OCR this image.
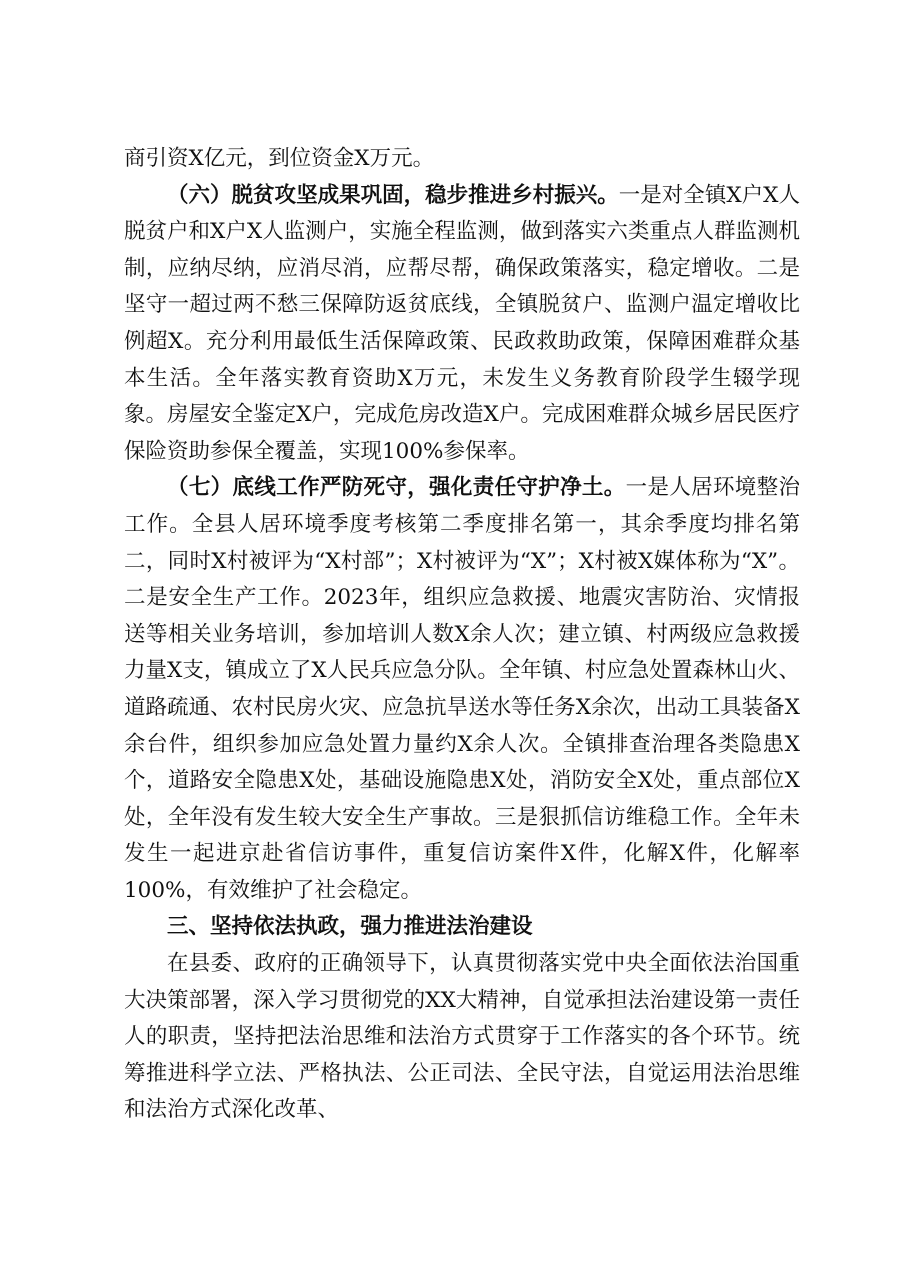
商引资X亿元，到位资金X万元。

（六）脱贫攻坚成果巩固，稳步推进乡村振兴。一是对全镇X户X人脱贫户和X户X人监测户，实施全程监测，做到落实六类重点人群监测机制，应纳尽纳，应消尽消，应帮尽帮，确保政策落实，稳定增收。二是坚守一超过两不愁三保障防返贫底线，全镇脱贫户、监测户温定增收比例超X。充分利用最低生活保障政策、民政救助政策，保障困难群众基本生活。全年落实教育资助X万元，未发生义务教育阶段学生辍学现象。房屋安全鉴定X户，完成危房改造X户。完成困难群众城乡居民医疗保险资助参保全覆盖，实现100%参保率。

（七）底线工作严防死守，强化责任守护净土。一是人居环境整治工作。全县人居环境季度考核第二季度排名第一，其余季度均排名第二，同时X村被评为“X村部”；X村被评为“X”；X村被X媒体称为“X”。二是安全生产工作。2023年，组织应急救援、地震灾害防治、灾情报送等相关业务培训，参加培训人数X余人次；建立镇、村两级应急救援力量X支，镇成立了X人民兵应急分队。全年镇、村应急处置森林山火、道路疏通、农村民房火灾、应急抗旱送水等任务X余次，出动工具装备X余台件，组织参加应急处置力量约X余人次。全镇排查治理各类隐患X个，道路安全隐患X处，基础设施隐患X处，消防安全X处，重点部位X处，全年没有发生较大安全生产事故。三是狠抓信访维稳工作。全年未发生一起进京赴省信访事件，重复信访案件X件，化解X件，化解率100%，有效维护了社会稳定。

三、坚持依法执政，强力推进法治建设

在县委、政府的正确领导下，认真贯彻落实党中央全面依法治国重大决策部署，深入学习贯彻党的XX大精神，自觉承担法治建设第一责任人的职责，坚持把法治思维和法治方式贯穿于工作落实的各个环节。统筹推进科学立法、严格执法、公正司法、全民守法，自觉运用法治思维和法治方式深化改革、
